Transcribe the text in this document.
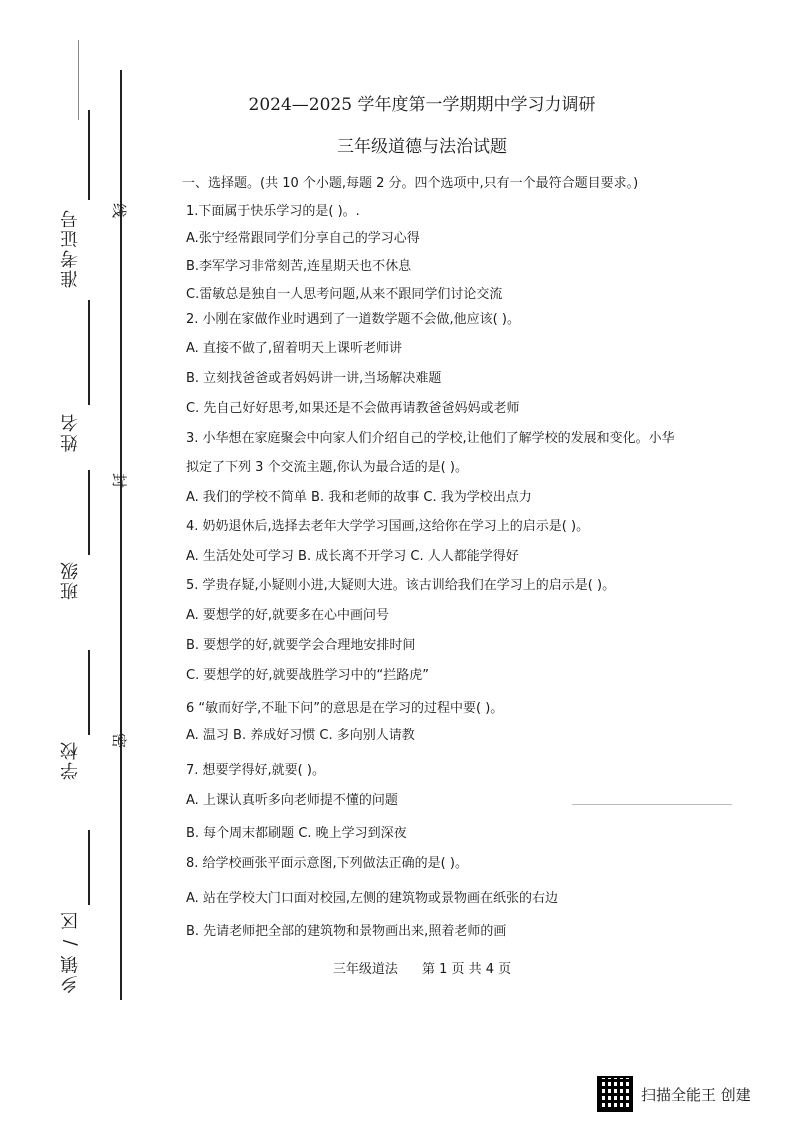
准考证号
姓名
班级
学校
乡镇 / 区
线
封
密
2024—2025 学年度第一学期期中学习力调研
三年级道德与法治试题
一、选择题。(共 10 个小题,每题 2 分。四个选项中,只有一个最符合题目要求。)
1.下面属于快乐学习的是( )。.
A.张宁经常跟同学们分享自己的学习心得
B.李军学习非常刻苦,连星期天也不休息
C.雷敏总是独自一人思考问题,从来不跟同学们讨论交流
2. 小刚在家做作业时遇到了一道数学题不会做,他应该( )。
A. 直接不做了,留着明天上课听老师讲
B. 立刻找爸爸或者妈妈讲一讲,当场解决难题
C. 先自己好好思考,如果还是不会做再请教爸爸妈妈或老师
3. 小华想在家庭聚会中向家人们介绍自己的学校,让他们了解学校的发展和变化。小华
拟定了下列 3 个交流主题,你认为最合适的是( )。
A. 我们的学校不简单 B. 我和老师的故事 C. 我为学校出点力
4. 奶奶退休后,选择去老年大学学习国画,这给你在学习上的启示是( )。
A. 生活处处可学习 B. 成长离不开学习 C. 人人都能学得好
5. 学贵存疑,小疑则小进,大疑则大进。该古训给我们在学习上的启示是( )。
A. 要想学的好,就要多在心中画问号
B. 要想学的好,就要学会合理地安排时间
C. 要想学的好,就要战胜学习中的“拦路虎”
6 “敏而好学,不耻下问”的意思是在学习的过程中要( )。
A. 温习 B. 养成好习惯 C. 多向别人请教
7. 想要学得好,就要( )。
A. 上课认真听多向老师提不懂的问题
B. 每个周末都刷题 C. 晚上学习到深夜
8. 给学校画张平面示意图,下列做法正确的是( )。
A. 站在学校大门口面对校园,左侧的建筑物或景物画在纸张的右边
B. 先请老师把全部的建筑物和景物画出来,照着老师的画
三年级道法 第 1 页 共 4 页
扫描全能王 创建
